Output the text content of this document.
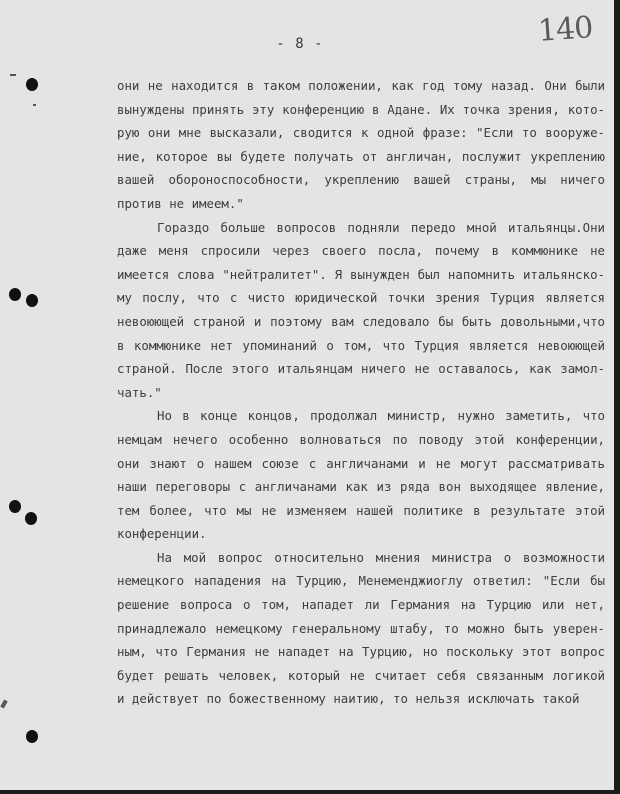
- 8 -	140

они не находится в таком положении, как год тому назад. Они были
вынуждены принять эту конференцию в Адане. Их точка зрения, кото-
рую они мне высказали, сводится к одной фразе: "Если то вооруже-
ние, которое вы будете получать от англичан, послужит укреплению
вашей обороноспособности, укреплению вашей страны, мы ничего
против не имеем."

Гораздо больше вопросов подняли передо мной итальянцы.Они
даже меня спросили через своего посла, почему в коммюнике не
имеется слова "нейтралитет". Я вынужден был напомнить итальянско-
му послу, что с чисто юридической точки зрения Турция является
невоюющей страной и поэтому вам следовало бы быть довольными,что
в коммюнике нет упоминаний о том, что Турция является невоюющей
страной. После этого итальянцам ничего не оставалось, как замол-
чать."

Но в конце концов, продолжал министр, нужно заметить, что
немцам нечего особенно волноваться по поводу этой конференции,
они знают о нашем союзе с англичанами и не могут рассматривать
наши переговоры с англичанами как из ряда вон выходящее явление,
тем более, что мы не изменяем нашей политике в результате этой
конференции.

На мой вопрос относительно мнения министра о возможности
немецкого нападения на Турцию, Менеменджиоглу ответил: "Если бы
решение вопроса о том, нападет ли Германия на Турцию или нет,
принадлежало немецкому генеральному штабу, то можно быть уверен-
ным, что Германия не нападет на Турцию, но поскольку этот вопрос
будет решать человек, который не считает себя связанным логикой
и действует по божественному наитию, то нельзя исключать такой
